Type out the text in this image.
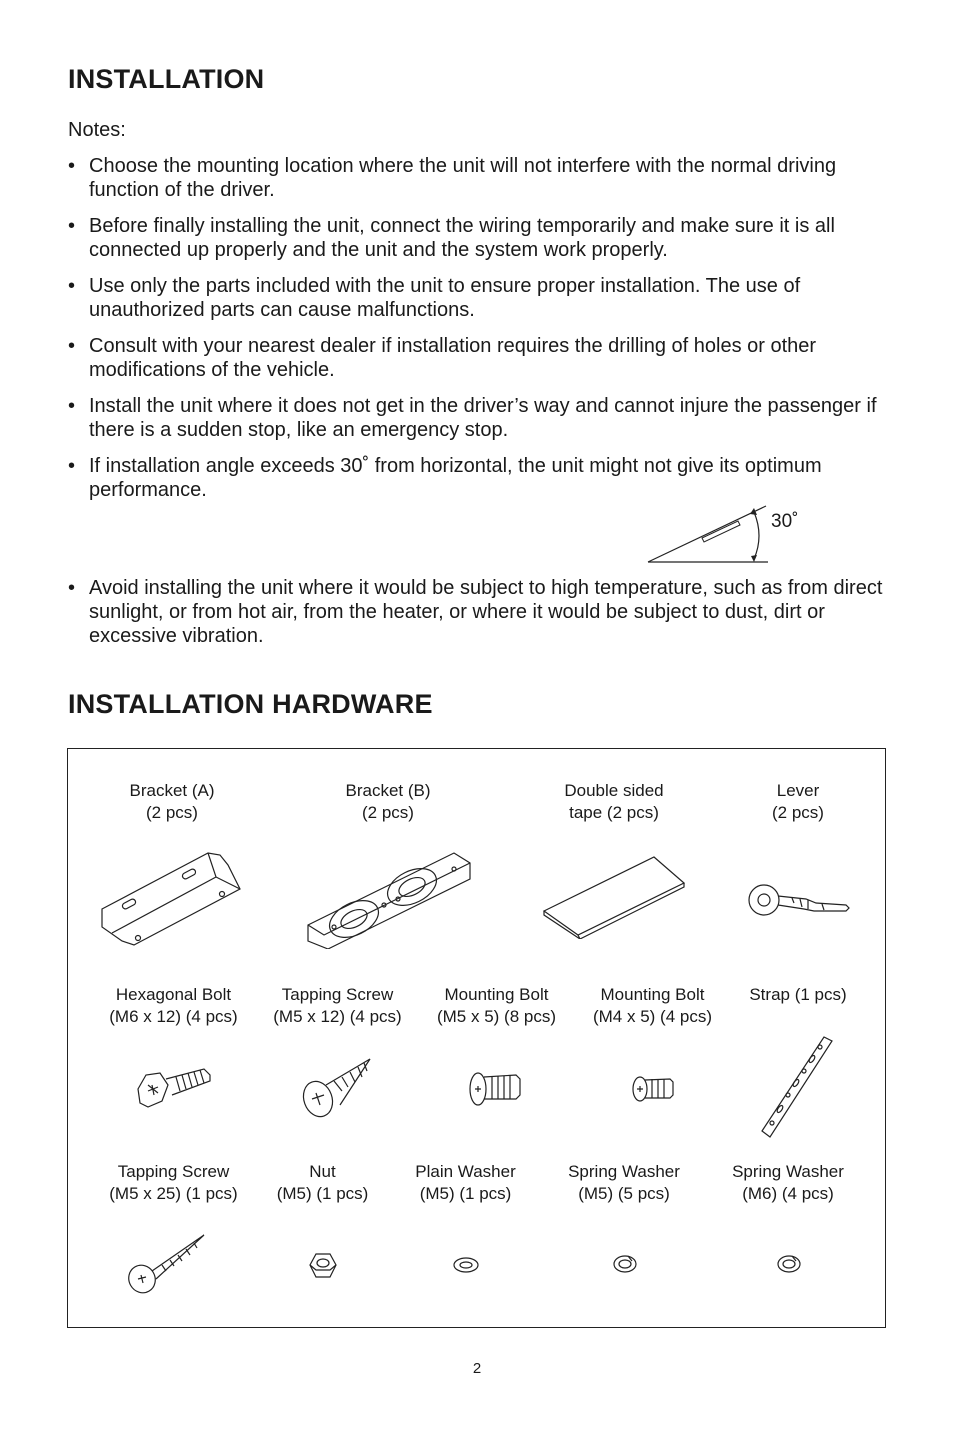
INSTALLATION
Notes:
• Choose the mounting location where the unit will not interfere with the normal driving function of the driver.
• Before finally installing the unit, connect the wiring temporarily and make sure it is all connected up properly and the unit and the system work properly.
• Use only the parts included with the unit to ensure proper installation. The use of unauthorized parts can cause malfunctions.
• Consult with your nearest dealer if installation requires the drilling of holes or other modifications of the vehicle.
• Install the unit where it does not get in the driver’s way and cannot injure the passenger if there is a sudden stop, like an emergency stop.
• If installation angle exceeds 30˚ from horizontal, the unit might not give its optimum performance.
30˚
• Avoid installing the unit where it would be subject to high temperature, such as from direct sunlight, or from hot air, from the heater, or where it would be subject to dust, dirt or excessive vibration.
INSTALLATION HARDWARE
Bracket (A)
(2 pcs)
Bracket (B)
(2 pcs)
Double sided
tape (2 pcs)
Lever
(2 pcs)
Hexagonal Bolt
(M6 x 12) (4 pcs)
Tapping Screw
(M5 x 12) (4 pcs)
Mounting Bolt
(M5 x 5) (8 pcs)
Mounting Bolt
(M4 x 5) (4 pcs)
Strap (1 pcs)
Tapping Screw
(M5 x 25) (1 pcs)
Nut
(M5) (1 pcs)
Plain Washer
(M5) (1 pcs)
Spring Washer
(M5) (5 pcs)
Spring Washer
(M6) (4 pcs)
2
